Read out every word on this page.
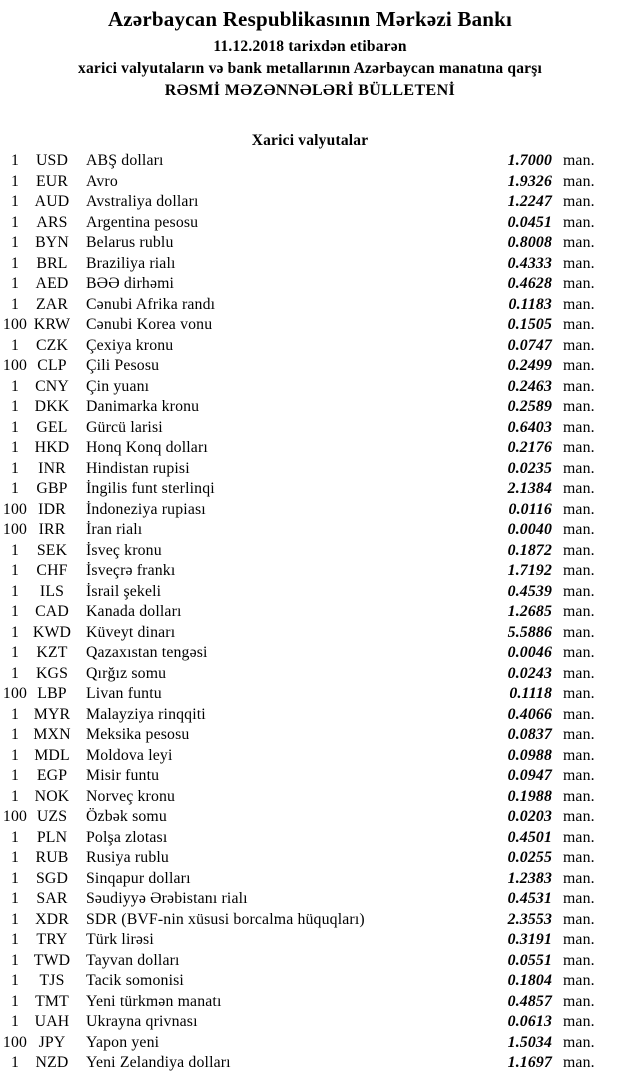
Azərbaycan Respublikasının Mərkəzi Bankı
11.12.2018 tarixdən etibarən
xarici valyutaların və bank metallarının Azərbaycan manatına qarşı
RƏSMİ MƏZƏNNƏLƏRİ BÜLLETENİ
Xarici valyutalar
1	USD	ABŞ dolları	1.7000 man.
1	EUR	Avro	1.9326 man.
1 AUD	Avstraliya dolları	1.2247 man.
1	ARS	Argentina pesosu	0.0451 man.
1	BYN	Belarus rublu	0.8008 man.
1	BRL	Braziliya rialı	0.4333 man.
1	AED	BƏƏ dirhəmi	0.4628 man.
1	ZAR	Cənubi Afrika randı	0.1183 man.
100 KRW Cənubi Korea vonu	0.1505 man.
1	CZK	Çexiya kronu	0.0747 man.
100 CLP	Çili Pesosu	0.2499 man.
1	CNY	Çin yuanı	0.2463 man.
1 DKK	Danimarka kronu	0.2589 man.
1	GEL	Gürcü larisi	0.6403 man.
1 HKD	Honq Konq dolları	0.2176 man.
1	INR	Hindistan rupisi	0.0235 man.
1	GBP	İngilis funt sterlinqi	2.1384 man.
100 IDR	İndoneziya rupiası	0.0116 man.
100 IRR	İran rialı	0.0040 man.
1	SEK	İsveç kronu	0.1872 man.
1	CHF	İsveçrə frankı	1.7192 man.
1	ILS	İsrail şekeli	0.4539 man.
1	CAD	Kanada dolları	1.2685 man.
1 KWD Küveyt dinarı	5.5886 man.
1	KZT	Qazaxıstan tengəsi	0.0046 man.
1	KGS	Qırğız somu	0.0243 man.
100 LBP	Livan funtu	0.1118 man.
1 MYR Malayziya rinqqiti	0.4066 man.
1 MXN Meksika pesosu	0.0837 man.
1 MDL	Moldova leyi	0.0988 man.
1	EGP	Misir funtu	0.0947 man.
1 NOK	Norveç kronu	0.1988 man.
100 UZS	Özbək somu	0.0203 man.
1	PLN	Polşa zlotası	0.4501 man.
1	RUB	Rusiya rublu	0.0255 man.
1	SGD	Sinqapur dolları	1.2383 man.
1	SAR	Səudiyyə Ərəbistanı rialı	0.4531 man.
1	XDR	SDR (BVF-nin xüsusi borcalma hüquqları)	2.3553 man.
1	TRY	Türk lirəsi	0.3191 man.
1 TWD Tayvan dolları	0.0551 man.
1	TJS	Tacik somonisi	0.1804 man.
1	TMT	Yeni türkmən manatı	0.4857 man.
1 UAH	Ukrayna qrivnası	0.0613 man.
100 JPY	Yapon yeni	1.5034 man.
1	NZD	Yeni Zelandiya dolları	1.1697 man.
